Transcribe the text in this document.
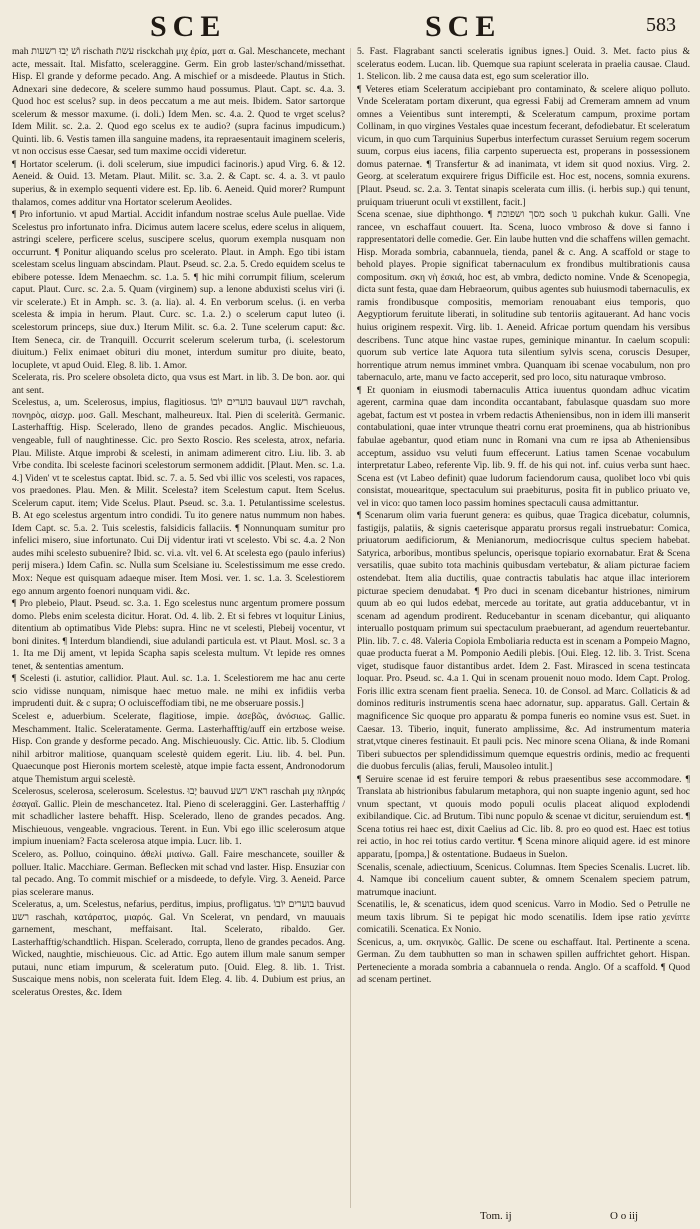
SCE	SCE	583

mah וֹשׁ יְבוּ רשעות rischath עשת risckchah μιχ ἐρία, ματ α. Gal. Meschancete, mechant acte, messait. Ital. Misfatto, sceleraggine. Germ. Ein grob laster/schand/missethat. Hisp. El grande y deforme pecado. Ang. A mischief or a misdeede. Plautus in Stich. Adnexari sine dedecore, & scelere summo haud possumus. Plaut. Capt. sc. 4.a. 3. Quod hoc est scelus? sup. in deos peccatum a me aut meis. Ibidem. Sator sartorque scelerum & messor maxume. (i. doli.) Idem Men. sc. 4.a. 2. Quod te vrget scelus? Idem Milit. sc. 2.a. 2. Quod ego scelus ex te audio? (supra facinus impudicum.) Quinti. lib. 6. Vestis tamen illa sanguine madens, ita repraesentauit imaginem sceleris, vt non occisus esse Caesar, sed tum maxime occidi videretur.

¶ Hortator scelerum. (i. doli scelerum, siue impudici facinoris.) apud Virg. 6. & 12. Aeneid. & Ouid. 13. Metam. Plaut. Milit. sc. 3.a. 2. & Capt. sc. 4. a. 3. vt paulo superius, & in exemplo sequenti videre est. Ep. lib. 6. Aeneid. Quid morer? Rumpunt thalamos, comes additur vna Hortator scelerum Aeolides.

¶ Pro infortunio. vt apud Martial. Accidit infandum nostrae scelus Aule puellae. Vide Scelestus pro infortunato infra. Dicimus autem lacere scelus, edere scelus in aliquem, astringi scelere, perficere scelus, suscipere scelus, quorum exempla nusquam non occurrunt. ¶ Ponitur aliquando scelus pro scelerato. Plaut. in Amph. Ego tibi istam scelestam scelus linguam abscindam. Plaut. Pseud. sc. 2.a. 5. Credo equidem scelus te ebibere potesse. Idem Menaechm. sc. 1.a. 5. ¶ hic mihi corrumpit filium, scelerum caput. Plaut. Curc. sc. 2.a. 5. Quam (virginem) sup. a lenone abduxisti scelus viri (i. vir scelerate.) Et in Amph. sc. 3. (a. lia). al. 4. En verborum scelus. (i. en verba scelesta & impia in herum. Plaut. Curc. sc. 1.a. 2.) o scelerum caput luteo (i. scelestorum princeps, siue dux.) Iterum Milit. sc. 6.a. 2. Tune scelerum caput: &c. Item Seneca, cir. de Tranquill. Occurrit scelerum scelerum turba, (i. scelestorum diuitum.) Felix enimaet obituri diu monet, interdum sumitur pro diuite, beato, locuplete, vt apud Ouid. Eleg. 8. lib. 1. Amor.

Scelerata, ris. Pro scelere obsoleta dicto, qua vsus est Mart. in lib. 3. De bon. aor. qui ant sent.

Scelestus, a, um. Scelerosus, impius, flagitiosus. בוערים יוֹבוֹ bauvaul רשע ravchah, πονηρὸς, αἰσχρ. μοσ. Gall. Meschant, malheureux. Ital. Pien di scelerità. Germanic. Lasterhafftig. Hisp. Scelerado, lleno de grandes pecados. Anglic. Mischieuous, vengeable, full of naughtinesse. Cic. pro Sexto Roscio. Res scelesta, atrox, nefaria. Plau. Miliste. Atque improbi & scelesti, in animam adimerent citro. Liu. lib. 3. ab Vrbe condita. Ibi sceleste facinori scelestorum sermonem addidit. [Plaut. Men. sc. 1.a. 4.] Viden' vt te scelestus captat. Ibid. sc. 7. a. 5. Sed vbi illic vos scelesti, vos rapaces, vos praedones. Plau. Men. & Milit. Scelesta? item Scelestum caput. Item Scelus. Scelerum caput. item; Vide Scelus. Plaut. Pseud. sc. 3.a. 1. Petulantissime scelestus. B. At ego scelestus argentum intro condidi. Tu ito genere natus nummum non habes. Idem Capt. sc. 5.a. 2. Tuis scelestis, falsidicis fallaciis. ¶ Nonnunquam sumitur pro infelici misero, siue infortunato. Cui Dij videntur irati vt scelesto. Vbi sc. 4.a. 2 Non audes mihi scelesto subuenire? Ibid. sc. vi.a. vlt. vel 6. At scelesta ego (paulo inferius) perij misera.) Idem Cafin. sc. Nulla sum Scelsiane iu. Scelestissimum me esse credo. Mox: Neque est quisquam adaeque miser. Item Mosi. ver. 1. sc. 1.a. 3. Scelestiorem ego annum argento foenori nunquam vidi. &c.

¶ Pro plebeio, Plaut. Pseud. sc. 3.a. 1. Ego scelestus nunc argentum promere possum domo. Plebs enim scelesta dicitur. Horat. Od. 4. lib. 2. Et si febres vt loquitur Linius, ditentium ab optimatibus Vide Plebs: supra. Hinc ne vt scelesti, Plebeij vocentur, vt boni dinites. ¶ Interdum blandiendi, siue adulandi particula est. vt Plaut. Mosl. sc. 3 a 1. Ita me Dij ament, vt lepida Scapha sapis scelesta multum. Vt lepide res omnes tenet, & sententias amentum.

¶ Scelesti (i. astutior, callidior. Plaut. Aul. sc. 1.a. 1. Scelestiorem me hac anu certe scio vidisse nunquam, nimisque haec metuo male. ne mihi ex infidiis verba imprudenti duit. & c supra; O ocluisceffodiam tibi, ne me obseruare possis.]

Scelest e, aduerbium. Scelerate, flagitiose, impie. ἀσεβῶς, ἀνόσιως. Gallic. Meschamment. Italic. Sceleratamente. Germa. Lasterhafftig/auff ein ertzbose weise. Hisp. Con grande y desforme pecado. Ang. Mischieuously. Cic. Attic. lib. 5. Clodium nihil arbitror malitiose, quanquam scelestè quidem egerit. Liu. lib. 4. bel. Pun. Quaecunque post Hieronis mortem scelestè, atque impie facta essent, Andronodorum atque Themistum argui scelestè.

Scelerosus, scelerosa, scelerosum. Scelestus. יָבוּ bauvud ראש רשע raschah μιχ πληράς ἐσαγαῖ. Gallic. Plein de meschancetez. Ital. Pieno di sceleraggini. Ger. Lasterhafftig / mit schadlicher lastere behafft. Hisp. Scelerado, lleno de grandes pecados. Ang. Mischieuous, vengeable. vngracious. Terent. in Eun. Vbi ego illic scelerosum atque impium inueniam? Facta scelerosa atque impia. Lucr. lib. 1.

Scelero, as. Polluo, coinquino. ἀθελί μιαίνω. Gall. Faire meschancete, souiller & polluer. Italic. Macchiare. German. Beflecken mit schad vnd laster. Hisp. Ensuziar con tal pecado. Ang. To commit mischief or a misdeede, to defyle. Virg. 3. Aeneid. Parce pias scelerare manus.

Sceleratus, a, um. Scelestus, nefarius, perditus, impius, profligatus. בוערים יוֹבוֹ bauvud רשע raschah, κατάρατος, μιαρός. Gal. Vn Scelerat, vn pendard, vn mauuais garnement, meschant, meffaisant. Ital. Scelerato, ribaldo. Ger. Lasterhafftig/schandtlich. Hispan. Scelerado, corrupta, lleno de grandes pecados. Ang. Wicked, naughtie, mischieuous. Cic. ad Attic. Ego autem illum male sanum semper putaui, nunc etiam impurum, & sceleratum puto. [Ouid. Eleg. 8. lib. 1. Trist. Suscaique mens nobis, non scelerata fuit. Idem Eleg. 4. lib. 4. Dubium est prius, an sceleratus Orestes, &c. Idem

5. Fast. Flagrabant sancti sceleratis ignibus ignes.] Ouid. 3. Met. facto pius & sceleratus eodem. Lucan. lib. Quemque sua rapiunt scelerata in praelia causae. Claud. 1. Stelicon. lib. 2 me causa data est, ego sum sceleratior illo.

¶ Veteres etiam Sceleratum accipiebant pro contaminato, & scelere aliquo polluto. Vnde Sceleratam portam dixerunt, qua egressi Fabij ad Cremeram amnem ad vnum omnes a Veientibus sunt interempti, & Sceleratum campum, proxime portam Collinam, in quo virgines Vestales quae incestum fecerant, defodiebatur. Et sceleratum vicum, in quo cum Tarquinius Superbus interfectum curasset Seruium regem socerum suum, corpus eius iacens, filia carpento superuecta est, properans in possessionem domus paternae. ¶ Transfertur & ad inanimata, vt idem sit quod noxius. Virg. 2. Georg. at sceleratum exquirere frigus Difficile est. Hoc est, nocens, somnia exurens. [Plaut. Pseud. sc. 2.a. 3. Tentat sinapis scelerata cum illis. (i. herbis sup.) qui tenunt, pruiquam triuerunt oculi vt exstillent, facit.]

Scena scenae, siue diphthongo. ¶ מסך ושפוכת soch נו pukchah kukur. Galli. Vne rancee, vn eschaffaut couuert. Ita. Scena, luoco vmbroso & dove si fanno i rappresentatori delle comedie. Ger. Ein laube hutten vnd die schaffens willen gemacht. Hisp. Morada sombria, cabannuela, tienda, panel & c. Ang. A scaffold or stage to behold playes. Propie significat tabernaculum ex frondibus multibrationis causa compositum. σκη νὴ ἐσκιά, hoc est, ab vmbra, dedicto nomine. Vnde & Scenopegia, dicta sunt festa, quae dam Hebraeorum, quibus agentes sub huiusmodi tabernaculis, ex ramis frondibusque compositis, memoriam renouabant eius temporis, quo Aegyptiorum feruitute liberati, in solitudine sub tentoriis agitauerant. Ad hanc vocis huius originem respexit. Virg. lib. 1. Aeneid. Africae portum quendam his versibus describens. Tunc atque hinc vastae rupes, geminique minantur. In caelum scopuli: quorum sub vertice late Aquora tuta silentium sylvis scena, coruscis Desuper, horrentique atrum nemus imminet vmbra. Quanquam ibi scenae vocabulum, non pro tabernaculo, arte, manu ve facto acceperit, sed pro loco, situ naturaque vmbroso.

¶ Et quoniam in eiusmodi tabernaculis Attica iuuentus quondam adhuc vicatim agerent, carmina quae dam incondita occantabant, fabulasque quasdam suo more agebat, factum est vt postea in vrbem redactis Atheniensibus, non in idem illi manserit contabulationi, quae inter vtrunque theatri cornu erat proeminens, qua ab histrionibus fabulae agebantur, quod etiam nunc in Romani vna cum re ipsa ab Atheniensibus acceptum, assiduo vsu veluti fuum effecerunt. Latius tamen Scenae vocabulum interpretatur Labeo, referente Vip. lib. 9. ff. de his qui not. inf. cuius verba sunt haec. Scena est (vt Labeo definit) quae ludorum faciendorum causa, quolibet loco vbi quis consistat, mouearitque, spectaculum sui praebiturus, posita fit in publico priuato ve, vel in vico: quo tamen loco passim homines spectaculi causa admittantur.

¶ Scenarum olim varia fuerunt genera: es quibus, quae Tragica dicebatur, columnis, fastigijs, palatiis, & signis caeterisque apparatu prorsus regali instruebatur: Comica, priuatorum aedificiorum, & Menianorum, mediocrisque cultus speciem habebat. Satyrica, arboribus, montibus speluncis, operisque topiario exornabatur. Erat & Scena versatilis, quae subito tota machinis quibusdam vertebatur, & aliam picturae faciem ostendebat. Item alia ductilis, quae contractis tabulatis hac atque illac interiorem picturae speciem denudabat. ¶ Pro duci in scenam dicebantur histriones, nimirum quum ab eo qui ludos edebat, mercede au toritate, aut gratia adducebantur, vt in scenam ad agendum prodirent. Reducebantur in scenam dicebantur, qui aliquanto interuallo postquam primum sui spectaculum praebuerant, ad agendum reuertebantur. Plin. lib. 7. c. 48. Valeria Copiola Emboliaria reducta est in scenam a Pompeio Magno, quae producta fuerat a M. Pomponio Aedili plebis. [Oui. Eleg. 12. lib. 3. Trist. Scena viget, studisque fauor distantibus ardet. Idem 2. Fast. Mirasced in scena testincata loquar. Pro. Pseud. sc. 4.a 1. Qui in scenam prouenit nouo modo. Idem Capt. Prolog. Foris illic extra scenam fient praelia. Seneca. 10. de Consol. ad Marc. Collaticis & ad dominos redituris instrumentis scena haec adornatur, sup. apparatus. Gall. Certain & magnificence Sic quoque pro apparatu & pompa funeris eo nomine vsus est. Suet. in Caesar. 13. Tiberio, inquit, funerato amplissime, &c. Ad instrumentum materia strat,vtque cineres festinauit. Et pauli pcis. Nec minore scena Oliana, & inde Romani Tiberi subuectos per splendidissimum quemque equestris ordinis, medio ac frequenti die duobus ferculis (alias, feruli, Mausoleo intulit.]

¶ Seruire scenae id est feruire tempori & rebus praesentibus sese accommodare. ¶ Translata ab histrionibus fabularum metaphora, qui non suapte ingenio agunt, sed hoc vnum spectant, vt quouis modo populi oculis placeat aliquod explodendi exibilandique. Cic. ad Brutum. Tibi nunc populo & scenae vt dicitur, seruiendum est. ¶ Scena totius rei haec est, dixit Caelius ad Cic. lib. 8. pro eo quod est. Haec est totius rei actio, in hoc rei totius cardo vertitur. ¶ Scena minore aliquid agere. id est minore apparatu, [pompa,] & ostentatione. Budaeus in Suelon.

Scenalis, scenale, adiectiuum, Scenicus. Columnas. Item Species Scenalis. Lucret. lib. 4. Namque ibi concelium cauent subter, & omnem Scenalem speciem patrum, matrumque inaciunt.

Scenatilis, le, & scenaticus, idem quod scenicus. Varro in Modio. Sed o Petrulle ne meum taxis librum. Si te pepigat hic modo scenatilis. Idem ipse ratio χενίπτε comicatili. Scenatica. Ex Nonio.

Scenicus, a, um. σκηνικὸς. Gallic. De scene ou eschaffaut. Ital. Pertinente a scena. German. Zu dem taubhutten so man in schawen spillen auffrichtet gehort. Hispan. Perteneciente a morada sombria a cabannuela o renda. Anglo. Of a scaffold. ¶ Quod ad scenam pertinet.

Tom. ij	O o iij
